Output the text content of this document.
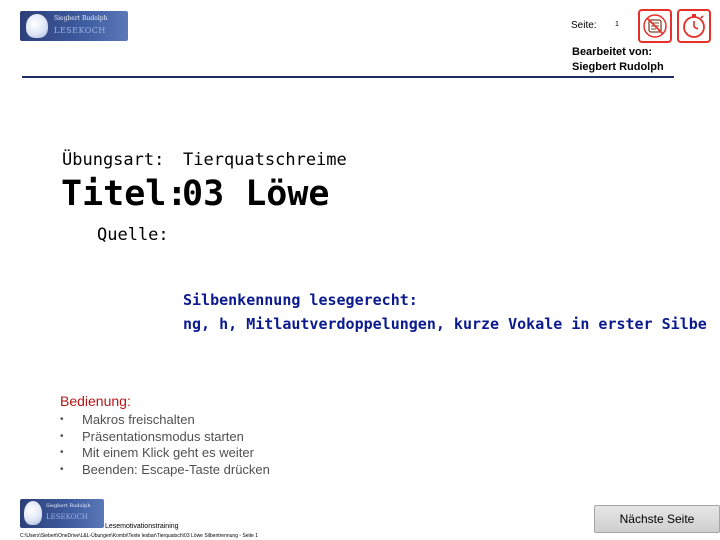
Siegbert Rudolph
LESEKOCH	Seite:	1
Bearbeitet von:
Siegbert Rudolph
Übungsart: Tierquatschreime
Titel:
03 Löwe
Quelle:
Silbenkennung lesegerecht:
ng, h, Mitlautverdoppelungen, kurze Vokale in erster Silbe
Bedienung:
• Makros freischalten
• Präsentationsmodus starten
• Mit einem Klick geht es weiter
• Beenden: Escape-Taste drücken
Siegbert Rudolph
LESEKOCH
Lesemotivationstraining
C:\Users\Siebert\OneDrive\L&L-Übungen\Kombi\Texte lesbar\Tierquatsch\03 Löwe Silbentrennung - Seite 1
Nächste Seite
